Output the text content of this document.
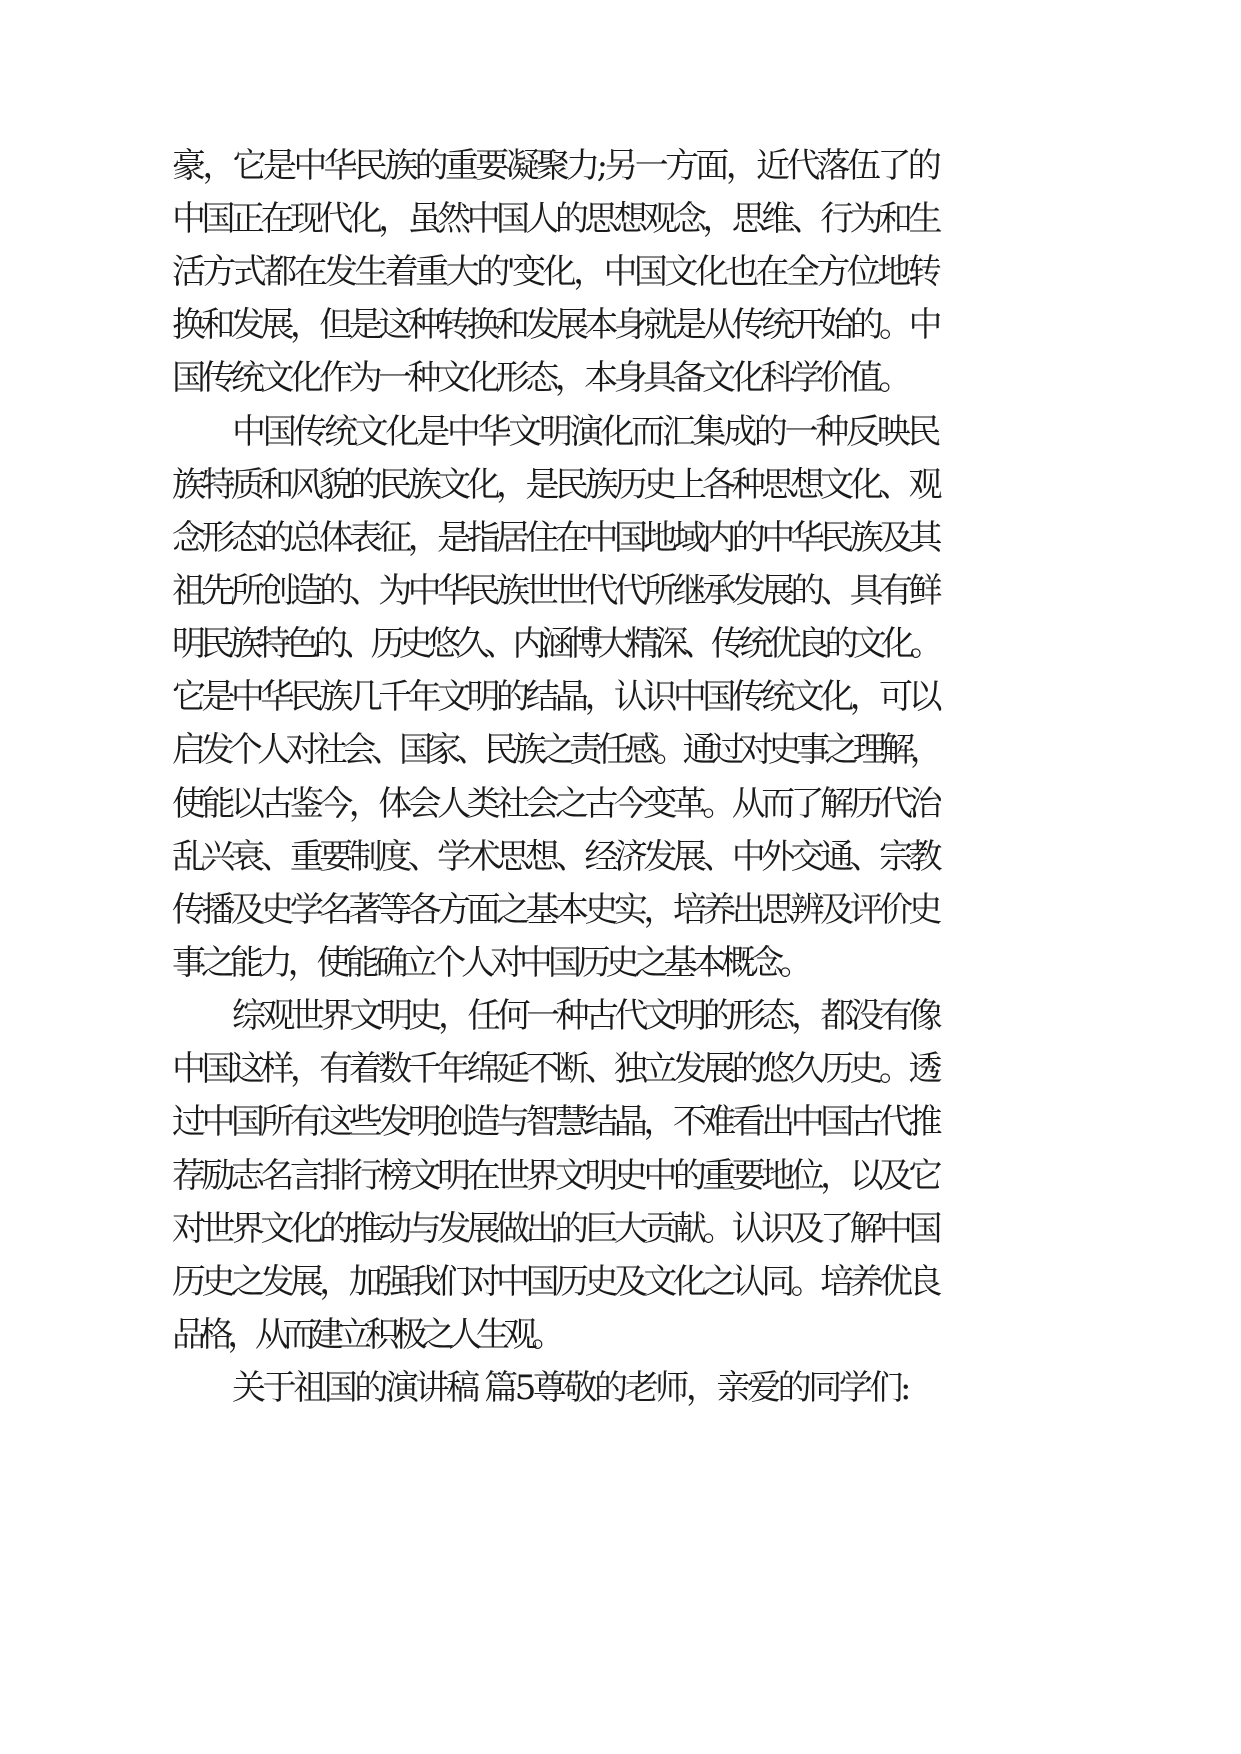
豪，它是中华民族的重要凝聚力;另一方面，近代落伍了的
中国正在现代化，虽然中国人的思想观念，思维、行为和生
活方式都在发生着重大的'变化，中国文化也在全方位地转
换和发展，但是这种转换和发展本身就是从传统开始的。中
国传统文化作为一种文化形态，本身具备文化科学价值。
中国传统文化是中华文明演化而汇集成的一种反映民
族特质和风貌的民族文化，是民族历史上各种思想文化、观
念形态的总体表征，是指居住在中国地域内的中华民族及其
祖先所创造的、为中华民族世世代代所继承发展的、具有鲜
明民族特色的、历史悠久、内涵博大精深、传统优良的文化。
它是中华民族几千年文明的结晶，认识中国传统文化，可以
启发个人对社会、国家、民族之责任感。通过对史事之理解，
使能以古鉴今，体会人类社会之古今变革。从而了解历代治
乱兴衰、重要制度、学术思想、经济发展、中外交通、宗教
传播及史学名著等各方面之基本史实，培养出思辨及评价史
事之能力，使能确立个人对中国历史之基本概念。
综观世界文明史，任何一种古代文明的形态，都没有像
中国这样，有着数千年绵延不断、独立发展的悠久历史。透
过中国所有这些发明创造与智慧结晶，不难看出中国古代推
荐励志名言排行榜文明在世界文明史中的重要地位，以及它
对世界文化的推动与发展做出的巨大贡献。认识及了解中国
历史之发展，加强我们对中国历史及文化之认同。培养优良
品格，从而建立积极之人生观。
关于祖国的演讲稿 篇5尊敬的老师，亲爱的同学们:
